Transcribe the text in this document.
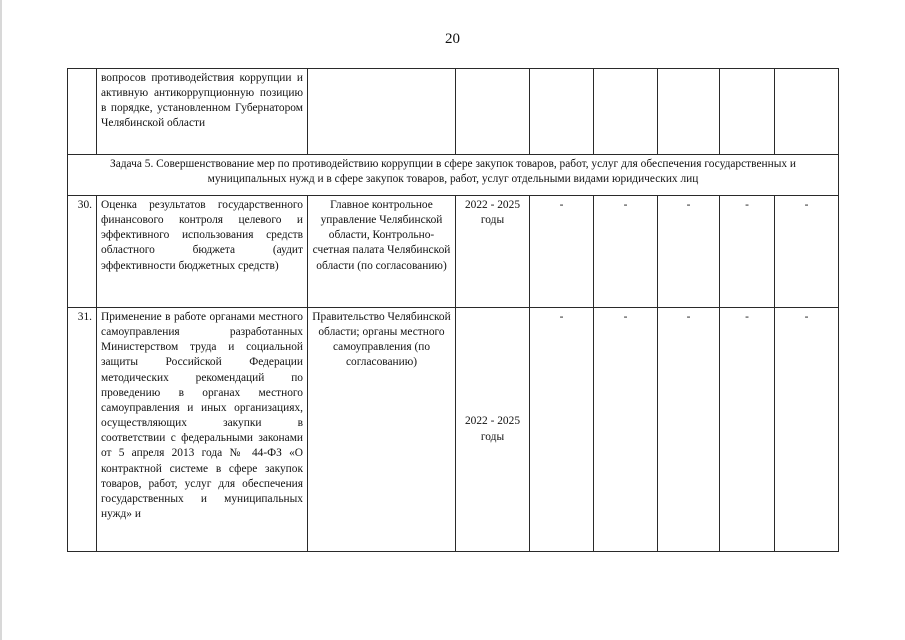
20
	вопросов противодействия коррупции и активную антикоррупционную позицию в порядке, установленном Губернатором Челябинской области							
Задача 5. Совершенствование мер по противодействию коррупции в сфере закупок товаров, работ, услуг для обеспечения государственных и муниципальных нужд и в сфере закупок товаров, работ, услуг отдельными видами юридических лиц								
30.	Оценка результатов государственного финансового контроля целевого и эффективного использования средств областного бюджета (аудит эффективности бюджетных средств)	Главное контрольное управление Челябинской области, Контрольно-счетная палата Челябинской области (по согласованию)	2022 - 2025 годы	-	-	-	-	-
31.	Применение в работе органами местного самоуправления разработанных Министерством труда и социальной защиты Российской Федерации методических рекомендаций по проведению в органах местного самоуправления и иных организациях, осуществляющих закупки в соответствии с федеральными законами от 5 апреля 2013 года № 44-ФЗ «О контрактной системе в сфере закупок товаров, работ, услуг для обеспечения государственных и муниципальных нужд» и	Правительство Челябинской области; органы местного самоуправления (по согласованию)	2022 - 2025 годы	-	-	-	-	-
